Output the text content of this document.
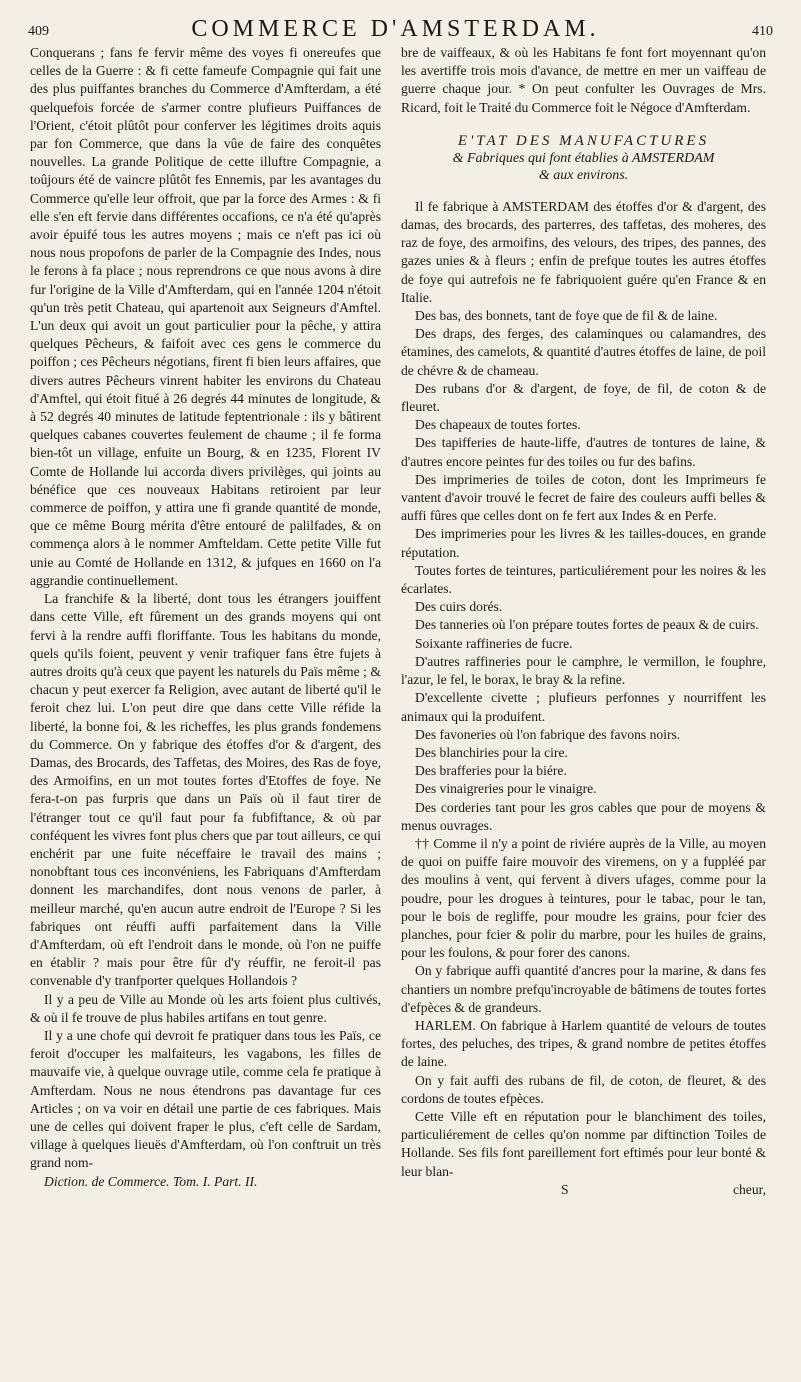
409	COMMERCE D'AMSTERDAM.	410

Conquerans ; fans fe fervir même des voyes fi onereufes que celles de la Guerre : & fi cette fameufe Compagnie qui fait une des plus puiffantes branches du Commerce d'Amfterdam, a été quelquefois forcée de s'armer contre plufieurs Puiffances de l'Orient, c'étoit plûtôt pour conferver les légitimes droits aquis par fon Commerce, que dans la vûe de faire des conquêtes nouvelles. La grande Politique de cette illuftre Compagnie, a toûjours été de vaincre plûtôt fes Ennemis, par les avantages du Commerce qu'elle leur offroit, que par la force des Armes : & fi elle s'en eft fervie dans différentes occafions, ce n'a été qu'après avoir épuifé tous les autres moyens ; mais ce n'eft pas ici où nous nous propofons de parler de la Compagnie des Indes, nous le ferons à fa place ; nous reprendrons ce que nous avons à dire fur l'origine de la Ville d'Amfterdam, qui en l'année 1204 n'étoit qu'un très petit Chateau, qui apartenoit aux Seigneurs d'Amftel. L'un deux qui avoit un gout particulier pour la pêche, y attira quelques Pêcheurs, & faifoit avec ces gens le commerce du poiffon ; ces Pêcheurs négotians, firent fi bien leurs affaires, que divers autres Pêcheurs vinrent habiter les environs du Chateau d'Amftel, qui étoit fitué à 26 degrés 44 minutes de longitude, & à 52 degrés 40 minutes de latitude feptentrionale : ils y bâtirent quelques cabanes couvertes feulement de chaume ; il fe forma bien-tôt un village, enfuite un Bourg, & en 1235, Florent IV Comte de Hollande lui accorda divers privilèges, qui joints au bénéfice que ces nouveaux Habitans retiroient par leur commerce de poiffon, y attira une fi grande quantité de monde, que ce même Bourg mérita d'être entouré de palilfades, & on commença alors à le nommer Amfteldam. Cette petite Ville fut unie au Comté de Hollande en 1312, & jufques en 1660 on l'a aggrandie continuellement.

La franchife & la liberté, dont tous les étrangers jouiffent dans cette Ville, eft fûrement un des grands moyens qui ont fervi à la rendre auffi floriffante. Tous les habitans du monde, quels qu'ils foient, peuvent y venir trafiquer fans être fujets à autres droits qu'à ceux que payent les naturels du Païs même ; & chacun y peut exercer fa Religion, avec autant de liberté qu'il le feroit chez lui. L'on peut dire que dans cette Ville réfide la liberté, la bonne foi, & les richeffes, les plus grands fondemens du Commerce. On y fabrique des étoffes d'or & d'argent, des Damas, des Brocards, des Taffetas, des Moires, des Ras de foye, des Armoifins, en un mot toutes fortes d'Etoffes de foye. Ne fera-t-on pas furpris que dans un Païs où il faut tirer de l'étranger tout ce qu'il faut pour fa fubfiftance, & où par conféquent les vivres font plus chers que par tout ailleurs, ce qui enchérit par une fuite néceffaire le travail des mains ; nonobftant tous ces inconvéniens, les Fabriquans d'Amfterdam donnent les marchandifes, dont nous venons de parler, à meilleur marché, qu'en aucun autre endroit de l'Europe ? Si les fabriques ont réuffi auffi parfaitement dans la Ville d'Amfterdam, où eft l'endroit dans le monde, où l'on ne puiffe en établir ? mais pour être fûr d'y réuffir, ne feroit-il pas convenable d'y tranfporter quelques Hollandois ?

Il y a peu de Ville au Monde où les arts foient plus cultivés, & où il fe trouve de plus habiles artifans en tout genre.

Il y a une chofe qui devroit fe pratiquer dans tous les Païs, ce feroit d'occuper les malfaiteurs, les vagabons, les filles de mauvaife vie, à quelque ouvrage utile, comme cela fe pratique à Amfterdam. Nous ne nous étendrons pas davantage fur ces Articles ; on va voir en détail une partie de ces fabriques. Mais une de celles qui doivent fraper le plus, c'eft celle de Sardam, village à quelques lieuës d'Amfterdam, où l'on conftruit un très grand nom-

Diction. de Commerce. Tom. I. Part. II.

bre de vaiffeaux, & où les Habitans fe font fort moyennant qu'on les avertiffe trois mois d'avance, de mettre en mer un vaiffeau de guerre chaque jour. * On peut confulter les Ouvrages de Mrs. Ricard, foit le Traité du Commerce foit le Négoce d'Amfterdam.

E'TAT DES MANUFACTURES
& Fabriques qui font établies à AMSTERDAM
& aux environs.

Il fe fabrique à AMSTERDAM des étoffes d'or & d'argent, des damas, des brocards, des parterres, des taffetas, des moheres, des raz de foye, des armoifins, des velours, des tripes, des pannes, des gazes unies & à fleurs ; enfin de prefque toutes les autres étoffes de foye qui autrefois ne fe fabriquoient guére qu'en France & en Italie.

Des bas, des bonnets, tant de foye que de fil & de laine.

Des draps, des ferges, des calaminques ou calamandres, des étamines, des camelots, & quantité d'autres étoffes de laine, de poil de chévre & de chameau.

Des rubans d'or & d'argent, de foye, de fil, de coton & de fleuret.

Des chapeaux de toutes fortes.

Des tapifferies de haute-liffe, d'autres de tontures de laine, & d'autres encore peintes fur des toiles ou fur des bafins.

Des imprimeries de toiles de coton, dont les Imprimeurs fe vantent d'avoir trouvé le fecret de faire des couleurs auffi belles & auffi fûres que celles dont on fe fert aux Indes & en Perfe.

Des imprimeries pour les livres & les tailles-douces, en grande réputation.

Toutes fortes de teintures, particuliérement pour les noires & les écarlates.

Des cuirs dorés.

Des tanneries où l'on prépare toutes fortes de peaux & de cuirs.

Soixante raffineries de fucre.

D'autres raffineries pour le camphre, le vermillon, le fouphre, l'azur, le fel, le borax, le bray & la refine.

D'excellente civette ; plufieurs perfonnes y nourriffent les animaux qui la produifent.

Des favoneries où l'on fabrique des favons noirs.

Des blanchiries pour la cire.

Des brafferies pour la biére.

Des vinaigreries pour le vinaigre.

Des corderies tant pour les gros cables que pour de moyens & menus ouvrages.

†† Comme il n'y a point de riviére auprès de la Ville, au moyen de quoi on puiffe faire mouvoir des viremens, on y a fuppléé par des moulins à vent, qui fervent à divers ufages, comme pour la poudre, pour les drogues à teintures, pour le tabac, pour le tan, pour le bois de regliffe, pour moudre les grains, pour fcier des planches, pour fcier & polir du marbre, pour les huiles de grains, pour les foulons, & pour forer des canons.

On y fabrique auffi quantité d'ancres pour la marine, & dans fes chantiers un nombre prefqu'incroyable de bâtimens de toutes fortes d'efpèces & de grandeurs.

HARLEM. On fabrique à Harlem quantité de velours de toutes fortes, des peluches, des tripes, & grand nombre de petites étoffes de laine.

On y fait auffi des rubans de fil, de coton, de fleuret, & des cordons de toutes efpèces.

Cette Ville eft en réputation pour le blanchiment des toiles, particuliérement de celles qu'on nomme par diftinction Toiles de Hollande. Ses fils font pareillement fort eftimés pour leur bonté & leur blan-

S	cheur,
